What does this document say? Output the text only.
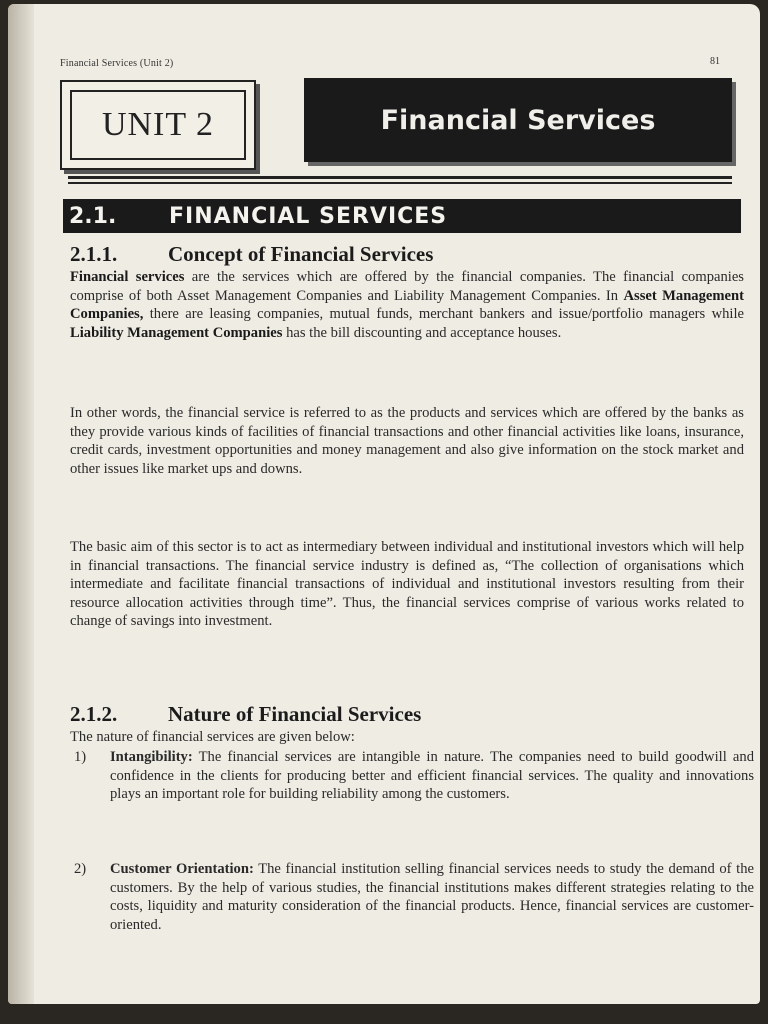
Financial Services (Unit 2)	81
UNIT 2	Financial Services
2.1.	FINANCIAL SERVICES
2.1.1. Concept of Financial Services
Financial services are the services which are offered by the financial companies. The financial companies comprise of both Asset Management Companies and Liability Management Companies. In Asset Management Companies, there are leasing companies, mutual funds, merchant bankers and issue/portfolio managers while Liability Management Companies has the bill discounting and acceptance houses.
In other words, the financial service is referred to as the products and services which are offered by the banks as they provide various kinds of facilities of financial transactions and other financial activities like loans, insurance, credit cards, investment opportunities and money management and also give information on the stock market and other issues like market ups and downs.
The basic aim of this sector is to act as intermediary between individual and institutional investors which will help in financial transactions. The financial service industry is defined as, “The collection of organisations which intermediate and facilitate financial transactions of individual and institutional investors resulting from their resource allocation activities through time”. Thus, the financial services comprise of various works related to change of savings into investment.
2.1.2. Nature of Financial Services
The nature of financial services are given below:
1)	Intangibility: The financial services are intangible in nature. The companies need to build goodwill and confidence in the clients for producing better and efficient financial services. The quality and innovations plays an important role for building reliability among the customers.
2)	Customer Orientation: The financial institution selling financial services needs to study the demand of the customers. By the help of various studies, the financial institutions makes different strategies relating to the costs, liquidity and maturity consideration of the financial products. Hence, financial services are customer-oriented.
